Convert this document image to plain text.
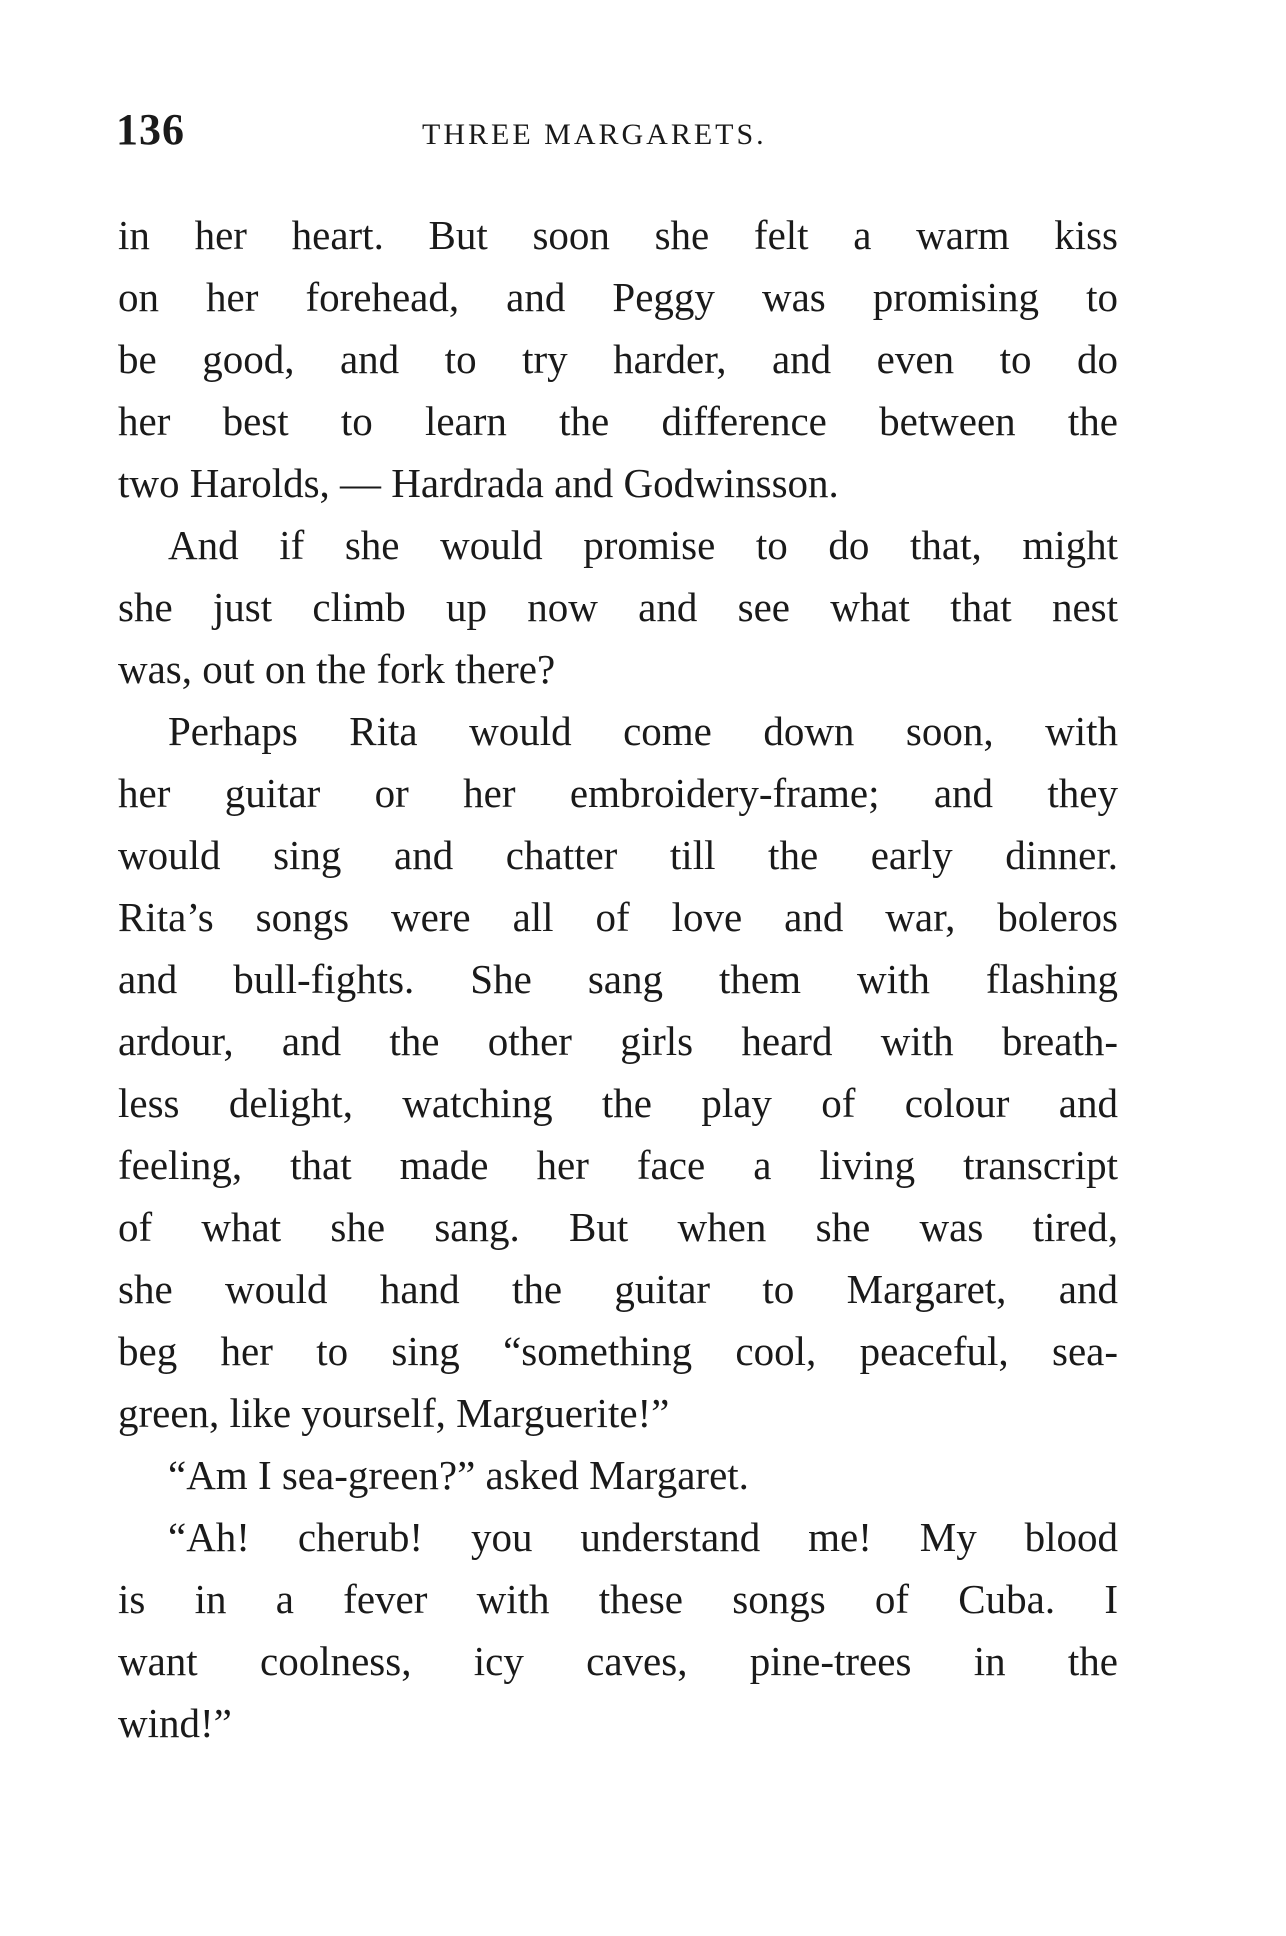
136	THREE MARGARETS.
in her heart. But soon she felt a warm kiss
on her forehead, and Peggy was promising to
be good, and to try harder, and even to do
her best to learn the difference between the
two Harolds, — Hardrada and Godwinsson.
And if she would promise to do that, might
she just climb up now and see what that nest
was, out on the fork there?
Perhaps Rita would come down soon, with
her guitar or her embroidery-frame; and they
would sing and chatter till the early dinner.
Rita’s songs were all of love and war, boleros
and bull-fights. She sang them with flashing
ardour, and the other girls heard with breath-
less delight, watching the play of colour and
feeling, that made her face a living transcript
of what she sang. But when she was tired,
she would hand the guitar to Margaret, and
beg her to sing “something cool, peaceful, sea-
green, like yourself, Marguerite!”
“Am I sea-green?” asked Margaret.
“Ah! cherub! you understand me! My blood
is in a fever with these songs of Cuba. I
want coolness, icy caves, pine-trees in the
wind!”
